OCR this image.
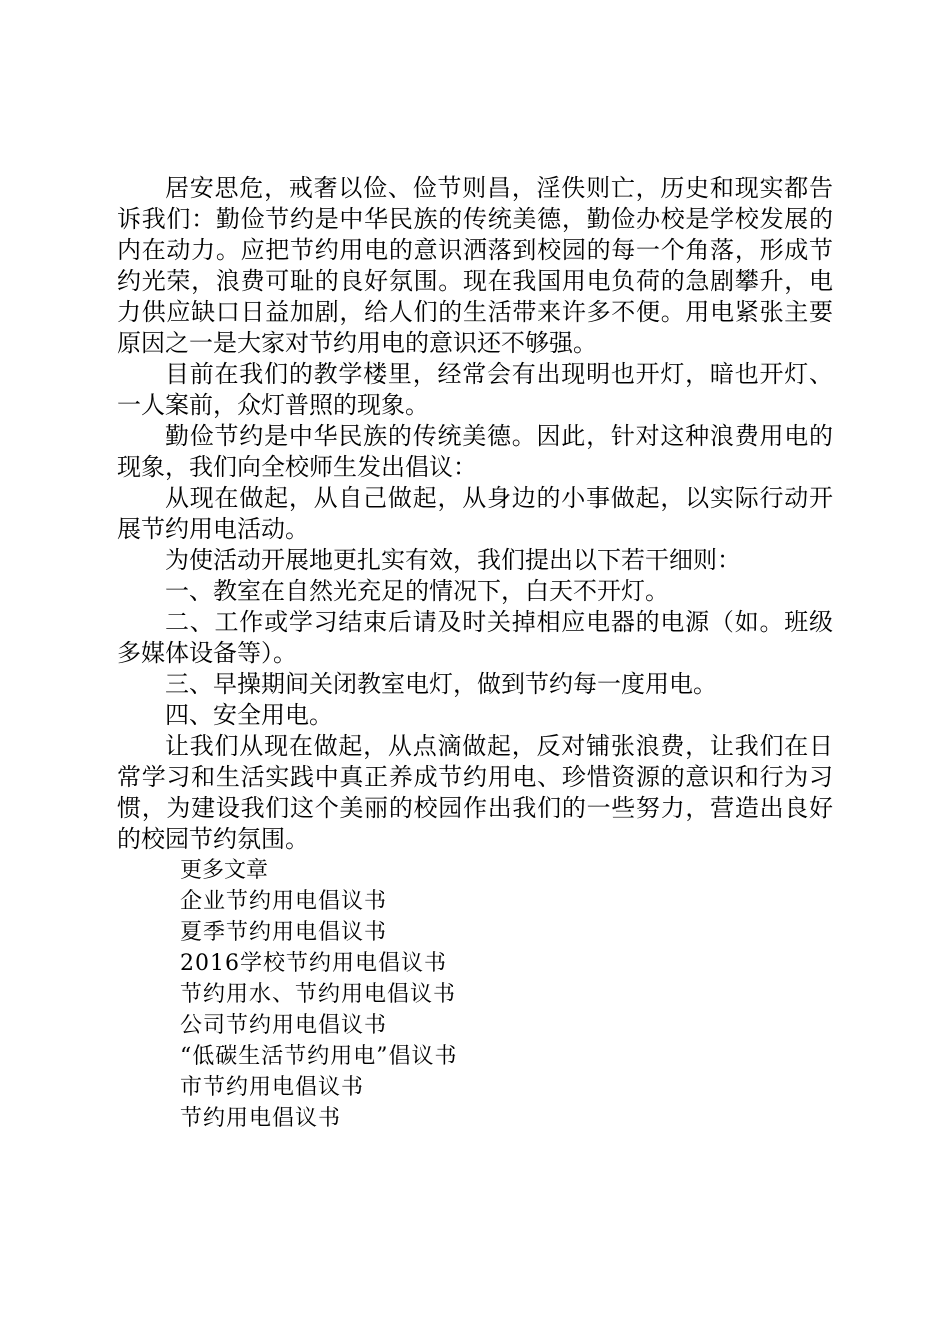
居安思危，戒奢以俭、俭节则昌，淫佚则亡，历史和现实都告诉我们：勤俭节约是中华民族的传统美德，勤俭办校是学校发展的内在动力。应把节约用电的意识洒落到校园的每一个角落，形成节约光荣，浪费可耻的良好氛围。现在我国用电负荷的急剧攀升，电力供应缺口日益加剧，给人们的生活带来许多不便。用电紧张主要原因之一是大家对节约用电的意识还不够强。

目前在我们的教学楼里，经常会有出现明也开灯，暗也开灯、一人案前，众灯普照的现象。

勤俭节约是中华民族的传统美德。因此，针对这种浪费用电的现象，我们向全校师生发出倡议：

从现在做起，从自己做起，从身边的小事做起，以实际行动开展节约用电活动。

为使活动开展地更扎实有效，我们提出以下若干细则：

一、教室在自然光充足的情况下，白天不开灯。

二、工作或学习结束后请及时关掉相应电器的电源（如。班级多媒体设备等）。

三、早操期间关闭教室电灯，做到节约每一度用电。

四、安全用电。

让我们从现在做起，从点滴做起，反对铺张浪费，让我们在日常学习和生活实践中真正养成节约用电、珍惜资源的意识和行为习惯，为建设我们这个美丽的校园作出我们的一些努力，营造出良好的校园节约氛围。

更多文章
企业节约用电倡议书
夏季节约用电倡议书
2016学校节约用电倡议书
节约用水、节约用电倡议书
公司节约用电倡议书
“低碳生活节约用电”倡议书
市节约用电倡议书
节约用电倡议书
